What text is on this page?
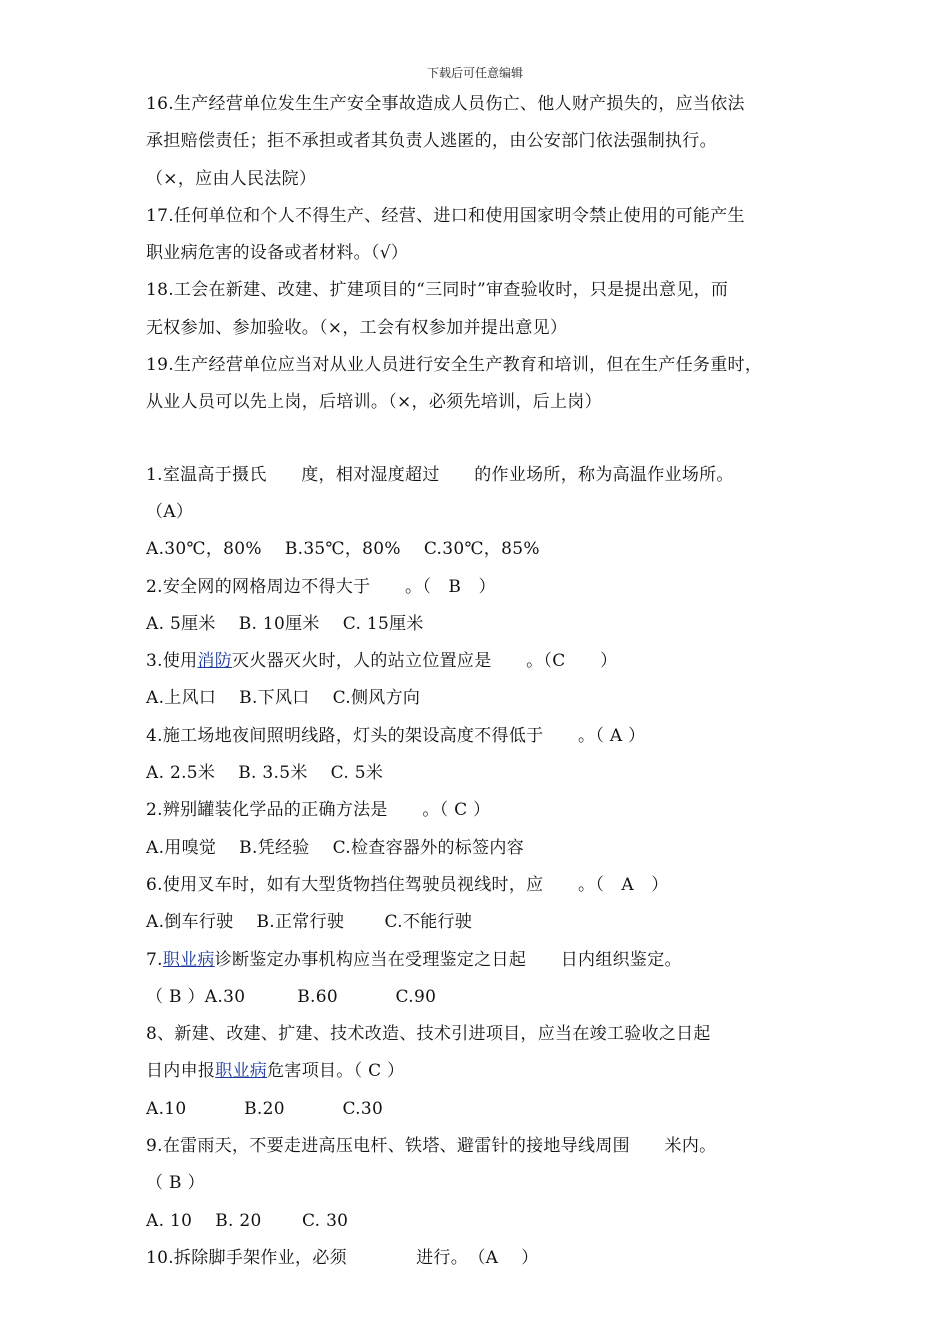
下载后可任意编辑
16.生产经营单位发生生产安全事故造成人员伤亡、他人财产损失的，应当依法
承担赔偿责任；拒不承担或者其负责人逃匿的，由公安部门依法强制执行。
（×，应由人民法院）
17.任何单位和个人不得生产、经营、进口和使用国家明令禁止使用的可能产生
职业病危害的设备或者材料。（√）
18.工会在新建、改建、扩建项目的“三同时”审查验收时，只是提出意见，而
无权参加、参加验收。（×，工会有权参加并提出意见）
19.生产经营单位应当对从业人员进行安全生产教育和培训，但在生产任务重时，
从业人员可以先上岗，后培训。（×，必须先培训，后上岗）
1.室温高于摄氏　　度，相对湿度超过　　的作业场所，称为高温作业场所。
（A）
A.30℃，80%　 B.35℃，80%　 C.30℃，85%
2.安全网的网格周边不得大于　　。（　B　）
A. 5厘米　 B. 10厘米　 C. 15厘米
3.使用消防灭火器灭火时，人的站立位置应是　　。（C　　）
A.上风口　 B.下风口　 C.侧风方向
4.施工场地夜间照明线路，灯头的架设高度不得低于　　。（ A ）
A. 2.5米　 B. 3.5米　 C. 5米
2.辨别罐装化学品的正确方法是　　。（ C ）
A.用嗅觉　 B.凭经验　 C.检查容器外的标签内容
6.使用叉车时，如有大型货物挡住驾驶员视线时，应　　。（　A　）
A.倒车行驶　 B.正常行驶　　 C.不能行驶
7.职业病诊断鉴定办事机构应当在受理鉴定之日起　　日内组织鉴定。
（ B ）A.30　　　B.60　　　 C.90
8、新建、改建、扩建、技术改造、技术引进项目，应当在竣工验收之日起
日内申报职业病危害项目。（ C ）
A.10　　　 B.20　　　 C.30
9.在雷雨天，不要走进高压电杆、铁塔、避雷针的接地导线周围　　米内。
（ B ）
A. 10　 B. 20　　 C. 30
10.拆除脚手架作业，必须　　　　进行。　（A　 ）
